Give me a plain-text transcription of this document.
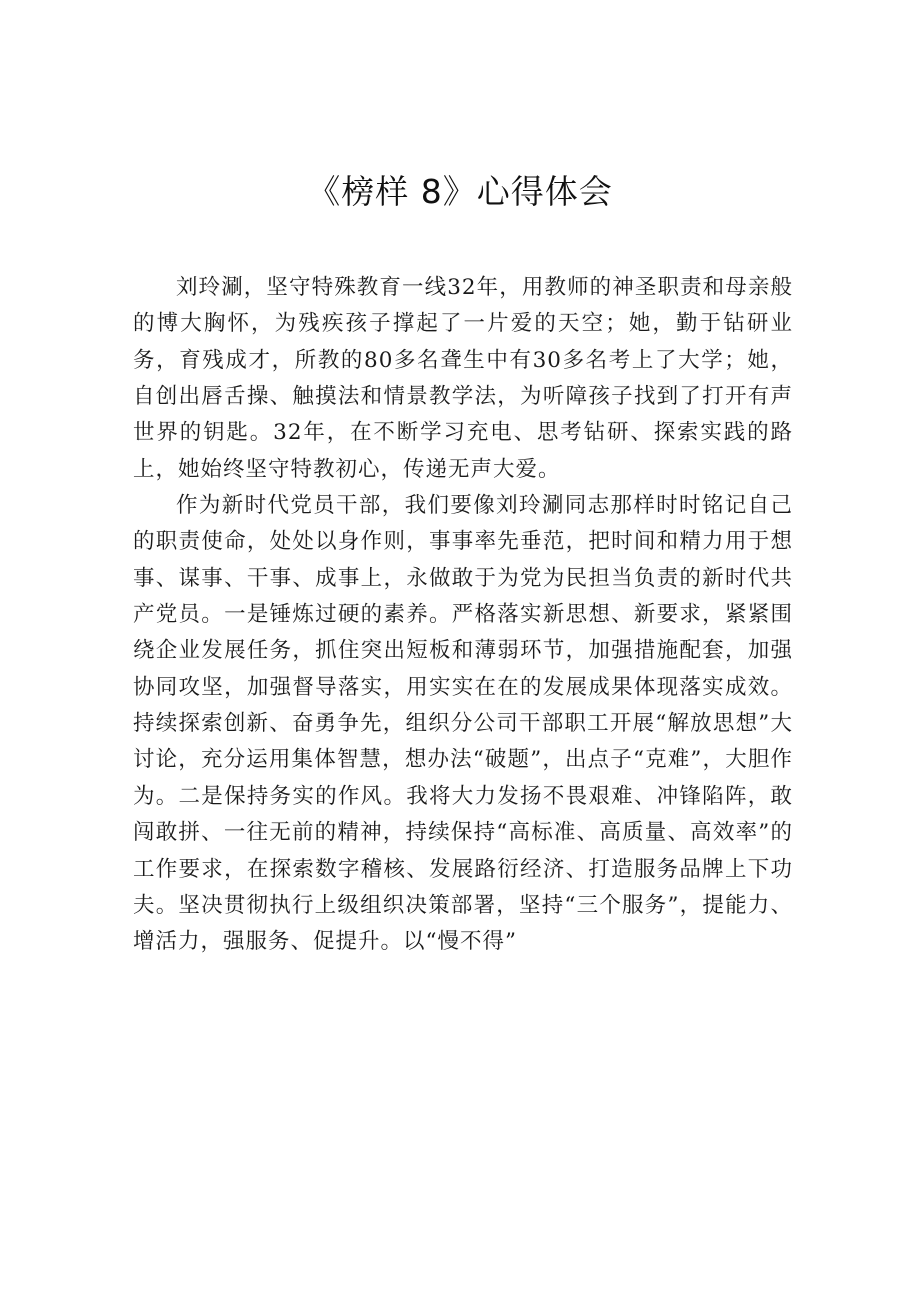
《榜样 8》心得体会

刘玲涮，坚守特殊教育一线32年，用教师的神圣职责和母亲般的博大胸怀，为残疾孩子撑起了一片爱的天空；她，勤于钻研业务，育残成才，所教的80多名聋生中有30多名考上了大学；她，自创出唇舌操、触摸法和情景教学法，为听障孩子找到了打开有声世界的钥匙。32年，在不断学习充电、思考钻研、探索实践的路上，她始终坚守特教初心，传递无声大爱。

作为新时代党员干部，我们要像刘玲涮同志那样时时铭记自己的职责使命，处处以身作则，事事率先垂范，把时间和精力用于想事、谋事、干事、成事上，永做敢于为党为民担当负责的新时代共产党员。一是锤炼过硬的素养。严格落实新思想、新要求，紧紧围绕企业发展任务，抓住突出短板和薄弱环节，加强措施配套，加强协同攻坚，加强督导落实，用实实在在的发展成果体现落实成效。持续探索创新、奋勇争先，组织分公司干部职工开展“解放思想”大讨论，充分运用集体智慧，想办法“破题”，出点子“克难”，大胆作为。二是保持务实的作风。我将大力发扬不畏艰难、冲锋陷阵，敢闯敢拼、一往无前的精神，持续保持“高标准、高质量、高效率”的工作要求，在探索数字稽核、发展路衍经济、打造服务品牌上下功夫。坚决贯彻执行上级组织决策部署，坚持“三个服务”，提能力、增活力，强服务、促提升。以“慢不得”
